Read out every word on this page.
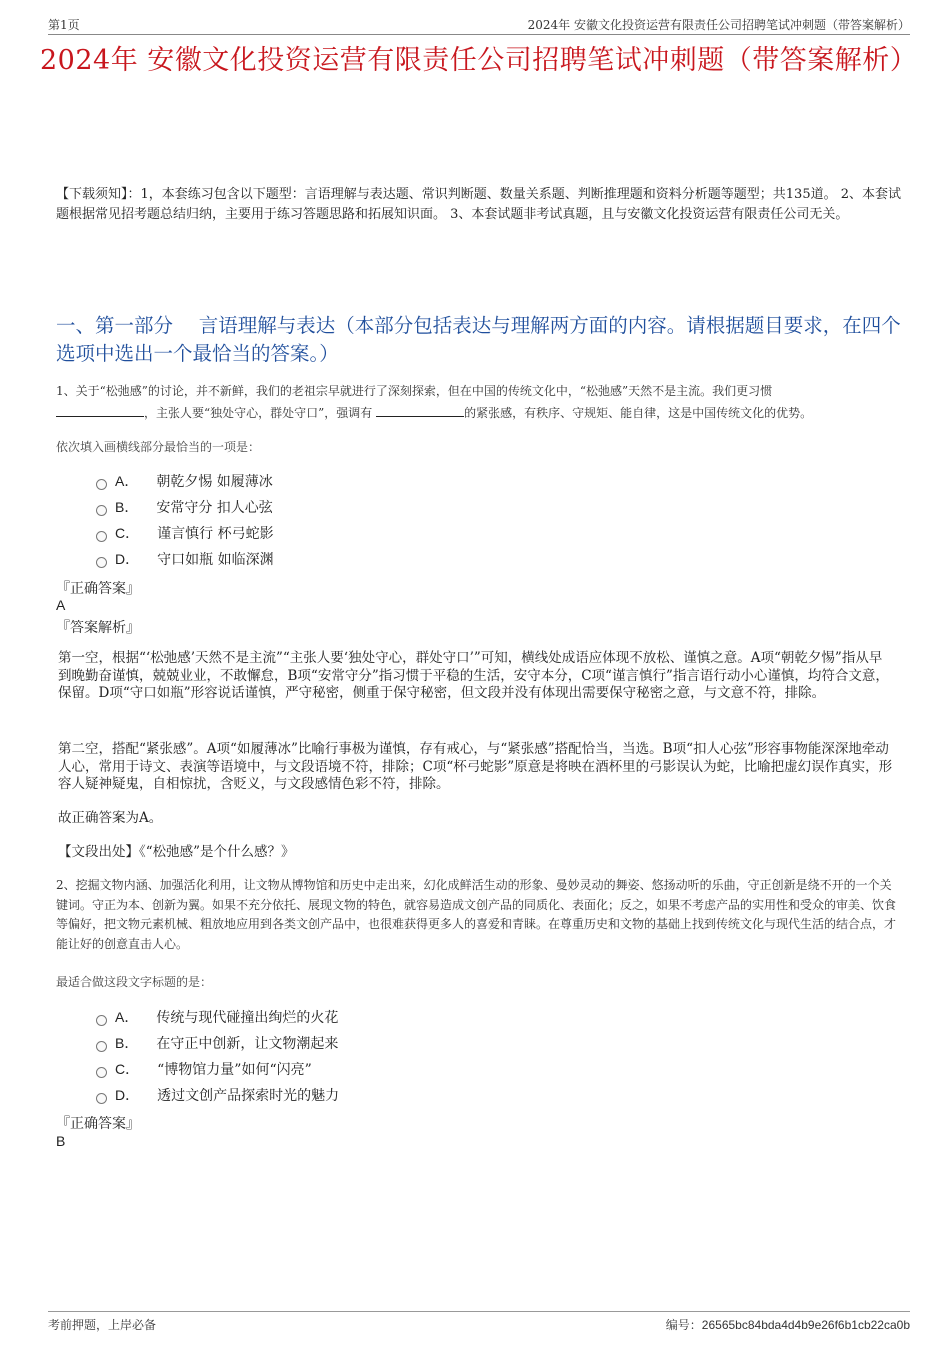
第1页	2024年 安徽文化投资运营有限责任公司招聘笔试冲刺题（带答案解析）
2024年 安徽文化投资运营有限责任公司招聘笔试冲刺题（带答案解析）
【下载须知】：1，本套练习包含以下题型：言语理解与表达题、常识判断题、数量关系题、判断推理题和资料分析题等题型；共135道。 2、本套试题根据常见招考题总结归纳，主要用于练习答题思路和拓展知识面。 3、本套试题非考试真题，且与安徽文化投资运营有限责任公司无关。
一、第一部分　 言语理解与表达（本部分包括表达与理解两方面的内容。请根据题目要求，在四个选项中选出一个最恰当的答案。）
1、关于“松弛感”的讨论，并不新鲜，我们的老祖宗早就进行了深刻探索，但在中国的传统文化中，“松弛感”天然不是主流。我们更习惯
，主张人要“独处守心，群处守口”，强调有	的紧张感，有秩序、守规矩、能自律，这是中国传统文化的优势。
依次填入画横线部分最恰当的一项是：
A． 朝乾夕惕 如履薄冰
B． 安常守分 扣人心弦
C． 谨言慎行 杯弓蛇影
D． 守口如瓶 如临深渊
『正确答案』
A
『答案解析』
第一空，根据“‘松弛感’天然不是主流”“主张人要‘独处守心，群处守口’”可知，横线处成语应体现不放松、谨慎之意。A项“朝乾夕惕”指从早到晚勤奋谨慎，兢兢业业，不敢懈怠，B项“安常守分”指习惯于平稳的生活，安守本分，C项“谨言慎行”指言语行动小心谨慎，均符合文意，保留。D项“守口如瓶”形容说话谨慎，严守秘密，侧重于保守秘密，但文段并没有体现出需要保守秘密之意，与文意不符，排除。
第二空，搭配“紧张感”。A项“如履薄冰”比喻行事极为谨慎，存有戒心，与“紧张感”搭配恰当，当选。B项“扣人心弦”形容事物能深深地牵动人心，常用于诗文、表演等语境中，与文段语境不符，排除；C项“杯弓蛇影”原意是将映在酒杯里的弓影误认为蛇，比喻把虚幻误作真实，形容人疑神疑鬼，自相惊扰，含贬义，与文段感情色彩不符，排除。
故正确答案为A。
【文段出处】《“松弛感”是个什么感？》
2、挖掘文物内涵、加强活化利用，让文物从博物馆和历史中走出来，幻化成鲜活生动的形象、曼妙灵动的舞姿、悠扬动听的乐曲，守正创新是绕不开的一个关键词。守正为本、创新为翼。如果不充分依托、展现文物的特色，就容易造成文创产品的同质化、表面化；反之，如果不考虑产品的实用性和受众的审美、饮食等偏好，把文物元素机械、粗放地应用到各类文创产品中，也很难获得更多人的喜爱和青睐。在尊重历史和文物的基础上找到传统文化与现代生活的结合点，才能让好的创意直击人心。
最适合做这段文字标题的是：
A． 传统与现代碰撞出绚烂的火花
B． 在守正中创新，让文物潮起来
C． “博物馆力量”如何“闪亮”
D． 透过文创产品探索时光的魅力
『正确答案』
B
考前押题，上岸必备	编号：26565bc84bda4d4b9e26f6b1cb22ca0b
